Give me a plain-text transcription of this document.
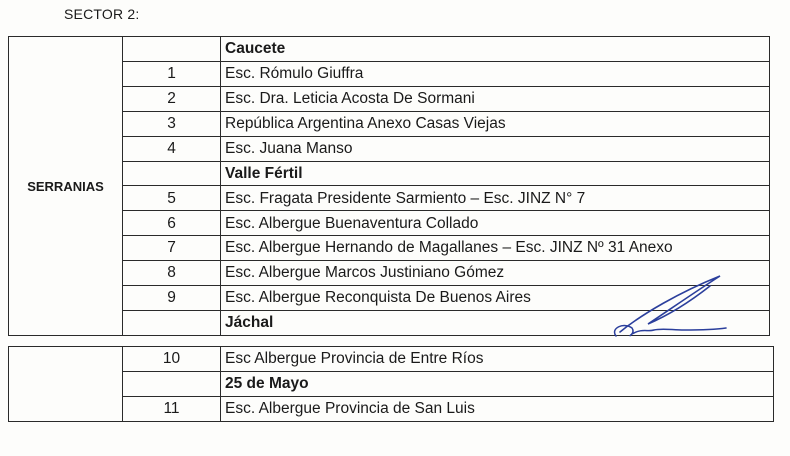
SECTOR 2:
SERRANIAS		Caucete
	1	Esc. Rómulo Giuffra
	2	Esc. Dra. Leticia Acosta De Sormani
	3	República Argentina Anexo Casas Viejas
	4	Esc. Juana Manso
		Valle Fértil
	5	Esc. Fragata Presidente Sarmiento – Esc. JINZ N° 7
	6	Esc. Albergue Buenaventura Collado
	7	Esc. Albergue Hernando de Magallanes – Esc. JINZ Nº 31 Anexo
	8	Esc. Albergue Marcos Justiniano Gómez
	9	Esc. Albergue Reconquista De Buenos Aires
		Jáchal
	10	Esc Albergue Provincia de Entre Ríos
		25 de Mayo
	11	Esc. Albergue Provincia de San Luis
